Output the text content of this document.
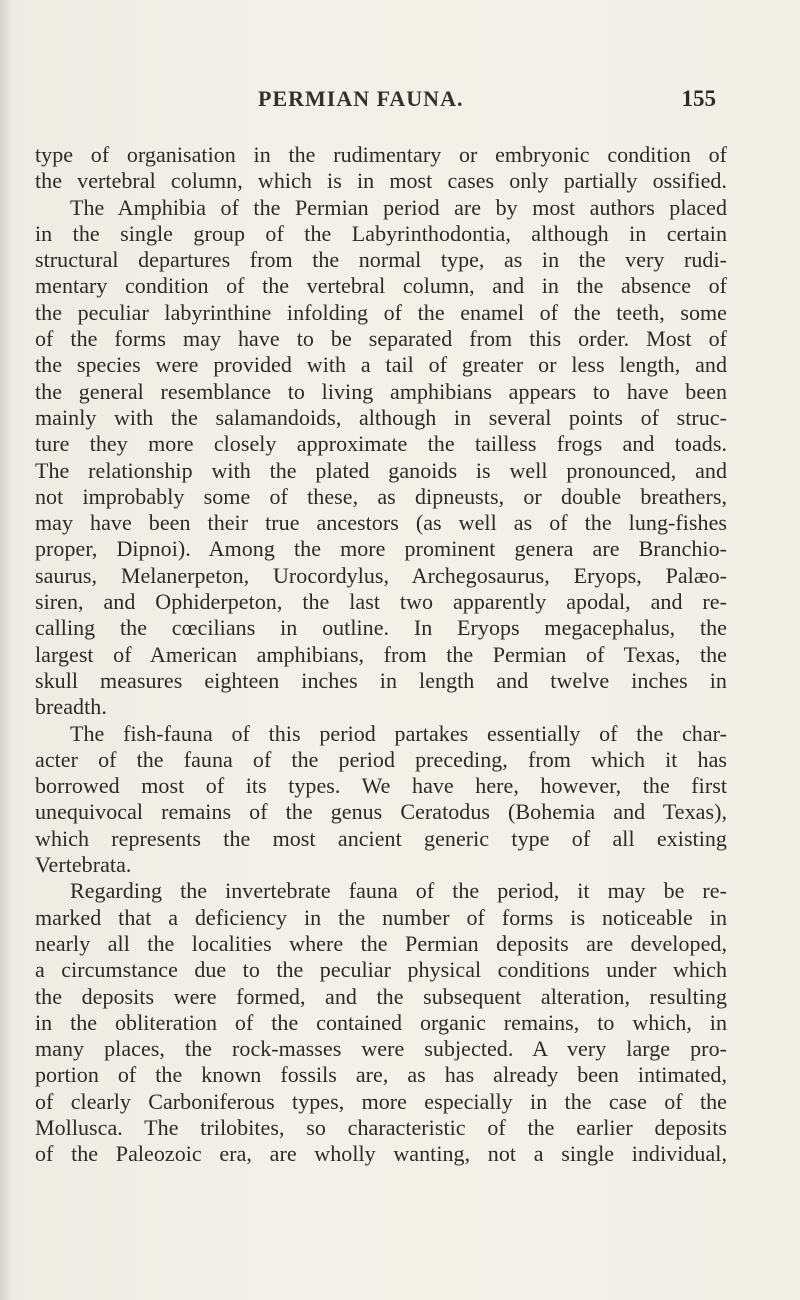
PERMIAN FAUNA.	155
type of organisation in the rudimentary or embryonic condition of
the vertebral column, which is in most cases only partially ossified.
The Amphibia of the Permian period are by most authors placed
in the single group of the Labyrinthodontia, although in certain
structural departures from the normal type, as in the very rudi-
mentary condition of the vertebral column, and in the absence of
the peculiar labyrinthine infolding of the enamel of the teeth, some
of the forms may have to be separated from this order. Most of
the species were provided with a tail of greater or less length, and
the general resemblance to living amphibians appears to have been
mainly with the salamandoids, although in several points of struc-
ture they more closely approximate the tailless frogs and toads.
The relationship with the plated ganoids is well pronounced, and
not improbably some of these, as dipneusts, or double breathers,
may have been their true ancestors (as well as of the lung-fishes
proper, Dipnoi). Among the more prominent genera are Branchio-
saurus, Melanerpeton, Urocordylus, Archegosaurus, Eryops, Palæo-
siren, and Ophiderpeton, the last two apparently apodal, and re-
calling the cœcilians in outline. In Eryops megacephalus, the
largest of American amphibians, from the Permian of Texas, the
skull measures eighteen inches in length and twelve inches in
breadth.
The fish-fauna of this period partakes essentially of the char-
acter of the fauna of the period preceding, from which it has
borrowed most of its types. We have here, however, the first
unequivocal remains of the genus Ceratodus (Bohemia and Texas),
which represents the most ancient generic type of all existing
Vertebrata.
Regarding the invertebrate fauna of the period, it may be re-
marked that a deficiency in the number of forms is noticeable in
nearly all the localities where the Permian deposits are developed,
a circumstance due to the peculiar physical conditions under which
the deposits were formed, and the subsequent alteration, resulting
in the obliteration of the contained organic remains, to which, in
many places, the rock-masses were subjected. A very large pro-
portion of the known fossils are, as has already been intimated,
of clearly Carboniferous types, more especially in the case of the
Mollusca. The trilobites, so characteristic of the earlier deposits
of the Paleozoic era, are wholly wanting, not a single individual,
